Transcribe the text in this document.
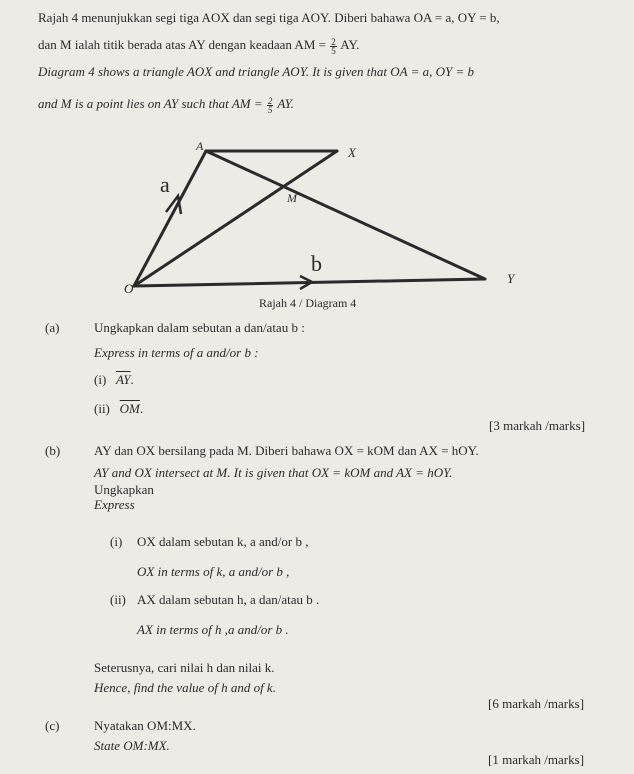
Rajah 4 menunjukkan segi tiga AOX dan segi tiga AOY. Diberi bahawa OA = a, OY = b,
dan M ialah titik berada atas AY dengan keadaan AM = $\frac{2}{5}$ AY.
Diagram 4 shows a triangle AOX and triangle AOY. It is given that OA = a, OY = b
and M is a point lies on AY such that AM = $\frac{2}{5}$ AY.
A	X
M
O
Y
a
b
Rajah 4 / Diagram 4
(a)	Ungkapkan dalam sebutan a dan/atau b :
Express in terms of a and/or b :
(i) $\overline{AY}$.
(ii) $\overline{OM}$.
[3 markah /marks]
(b)	AY dan OX bersilang pada M. Diberi bahawa OX = kOM dan AX = hOY.
AY and OX intersect at M. It is given that OX = kOM and AX = hOY.
Ungkapkan
Express
(i) OX dalam sebutan k, a and/or b ,
OX in terms of k, a and/or b ,
(ii) AX dalam sebutan h, a dan/atau b .
AX in terms of h ,a and/or b .
Seterusnya, cari nilai h dan nilai k.
Hence, find the value of h and of k.
[6 markah /marks]
(c)	Nyatakan OM:MX.
State OM:MX.
[1 markah /marks]
